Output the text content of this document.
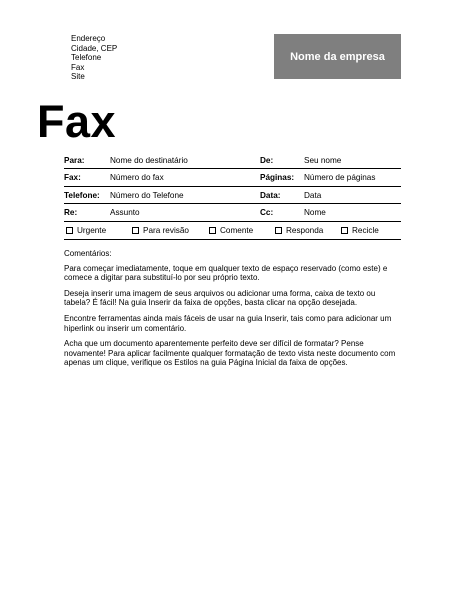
Endereço
Cidade, CEP
Telefone
Fax
Site
Nome da empresa
Fax
Para:	Nome do destinatário	De:	Seu nome
Fax:	Número do fax	Páginas:	Número de páginas
Telefone:	Número do Telefone	Data:	Data
Re:	Assunto	Cc:	Nome
Urgente	Para revisão	Comente	Responda	Recicle

Comentários:

Para começar imediatamente, toque em qualquer texto de espaço reservado (como este) e comece a digitar para substituí-lo por seu próprio texto.

Deseja inserir uma imagem de seus arquivos ou adicionar uma forma, caixa de texto ou tabela? É fácil! Na guia Inserir da faixa de opções, basta clicar na opção desejada.

Encontre ferramentas ainda mais fáceis de usar na guia Inserir, tais como para adicionar um hiperlink ou inserir um comentário.

Acha que um documento aparentemente perfeito deve ser difícil de formatar? Pense novamente! Para aplicar facilmente qualquer formatação de texto vista neste documento com apenas um clique, verifique os Estilos na guia Página Inicial da faixa de opções.
